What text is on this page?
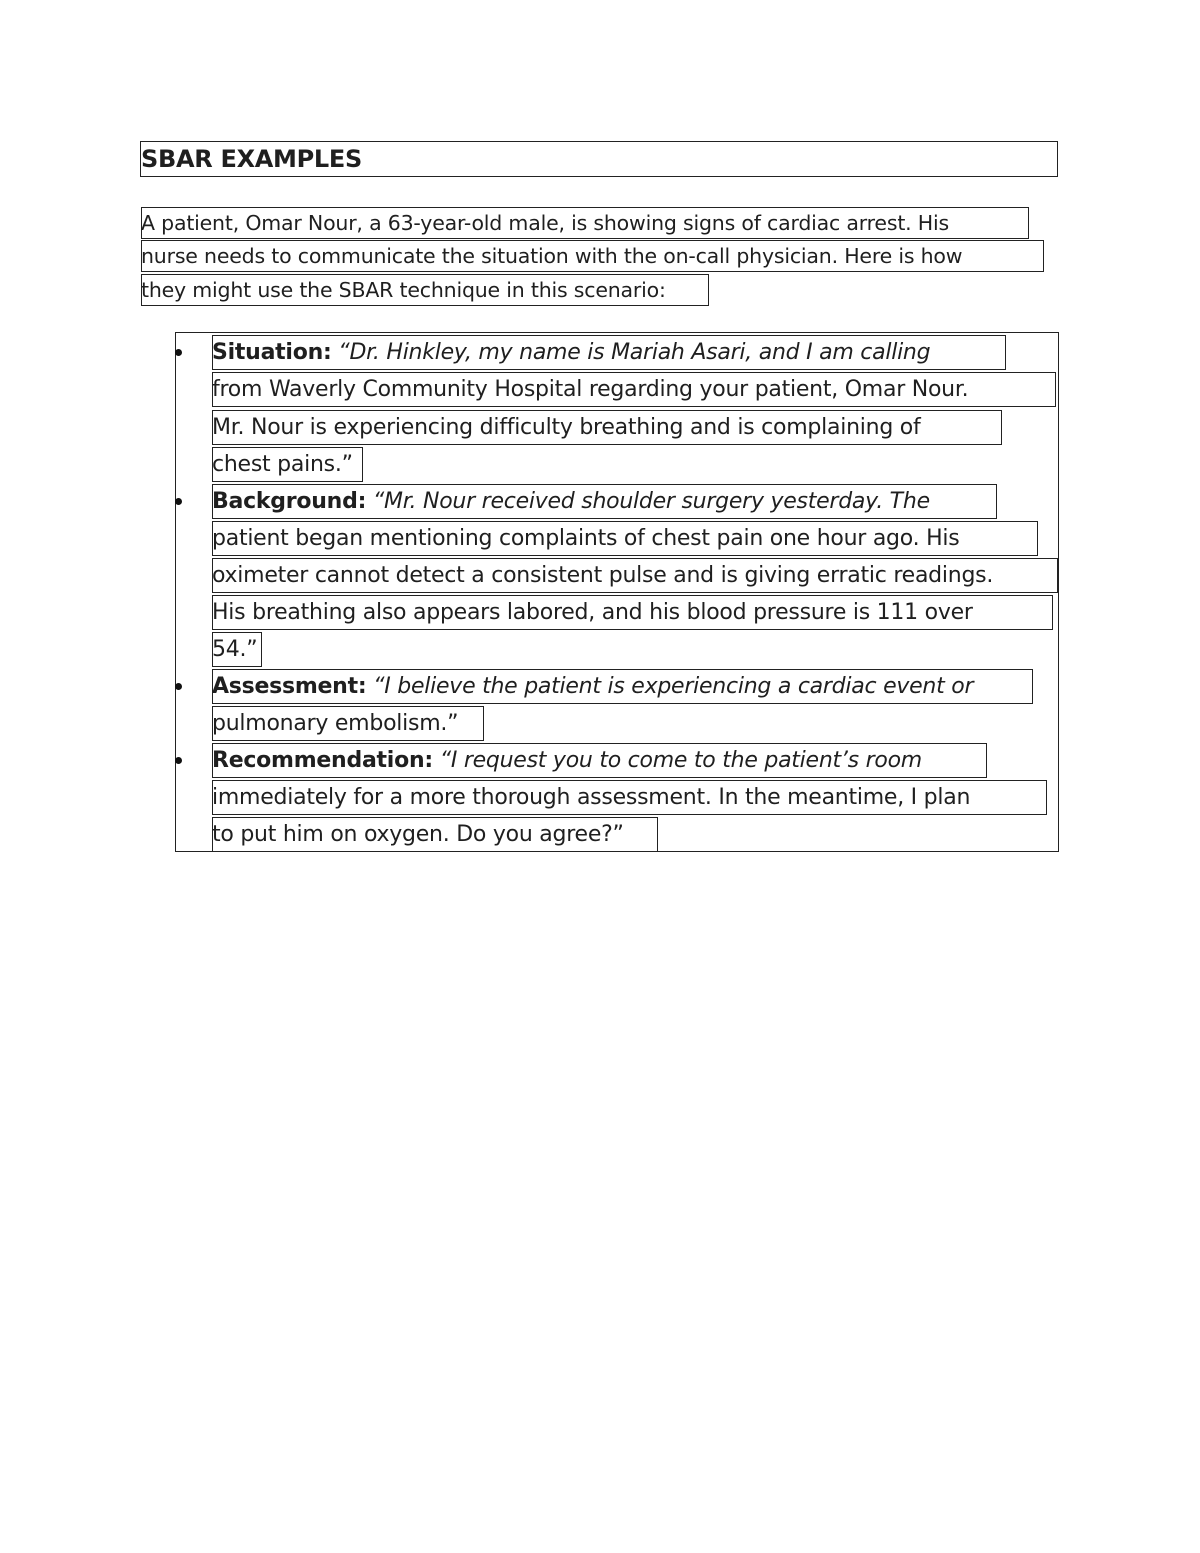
SBAR EXAMPLES
A patient, Omar Nour, a 63-year-old male, is showing signs of cardiac arrest. His
nurse needs to communicate the situation with the on-call physician. Here is how
they might use the SBAR technique in this scenario:
Situation: “Dr. Hinkley, my name is Mariah Asari, and I am calling
from Waverly Community Hospital regarding your patient, Omar Nour.
Mr. Nour is experiencing difficulty breathing and is complaining of
chest pains.”
Background: “Mr. Nour received shoulder surgery yesterday. The
patient began mentioning complaints of chest pain one hour ago. His
oximeter cannot detect a consistent pulse and is giving erratic readings.
His breathing also appears labored, and his blood pressure is 111 over
54.”
Assessment: “I believe the patient is experiencing a cardiac event or
pulmonary embolism.”
Recommendation: “I request you to come to the patient’s room
immediately for a more thorough assessment. In the meantime, I plan
to put him on oxygen. Do you agree?”
